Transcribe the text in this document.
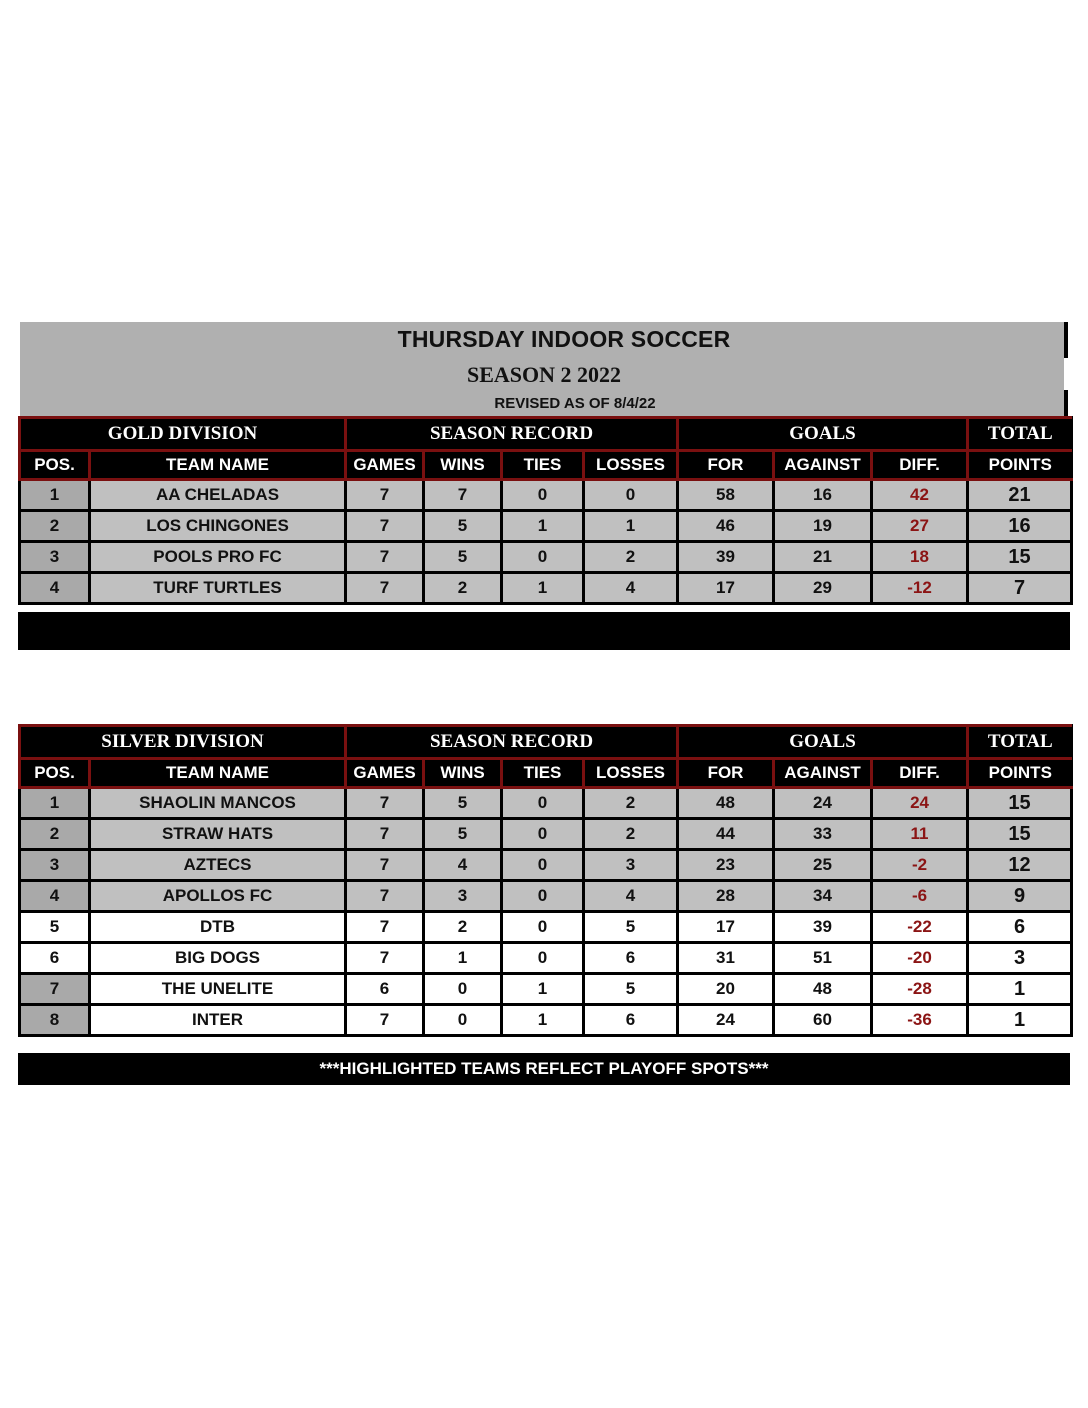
THURSDAY INDOOR SOCCER
SEASON 2 2022
REVISED AS OF 8/4/22
GOLD DIVISION		SEASON RECORD				GOALS			TOTAL
POS.	TEAM NAME	GAMES	WINS	TIES	LOSSES	FOR	AGAINST	DIFF.	POINTS
1	AA CHELADAS	7	7	0	0	58	16	42	21
2	LOS CHINGONES	7	5	1	1	46	19	27	16
3	POOLS PRO FC	7	5	0	2	39	21	18	15
4	TURF TURTLES	7	2	1	4	17	29	-12	7
SILVER DIVISION		SEASON RECORD				GOALS			TOTAL
POS.	TEAM NAME	GAMES	WINS	TIES	LOSSES	FOR	AGAINST	DIFF.	POINTS
1	SHAOLIN MANCOS	7	5	0	2	48	24	24	15
2	STRAW HATS	7	5	0	2	44	33	11	15
3	AZTECS	7	4	0	3	23	25	-2	12
4	APOLLOS FC	7	3	0	4	28	34	-6	9
5	DTB	7	2	0	5	17	39	-22	6
6	BIG DOGS	7	1	0	6	31	51	-20	3
7	THE UNELITE	6	0	1	5	20	48	-28	1
8	INTER	7	0	1	6	24	60	-36	1
***HIGHLIGHTED TEAMS REFLECT PLAYOFF SPOTS***
